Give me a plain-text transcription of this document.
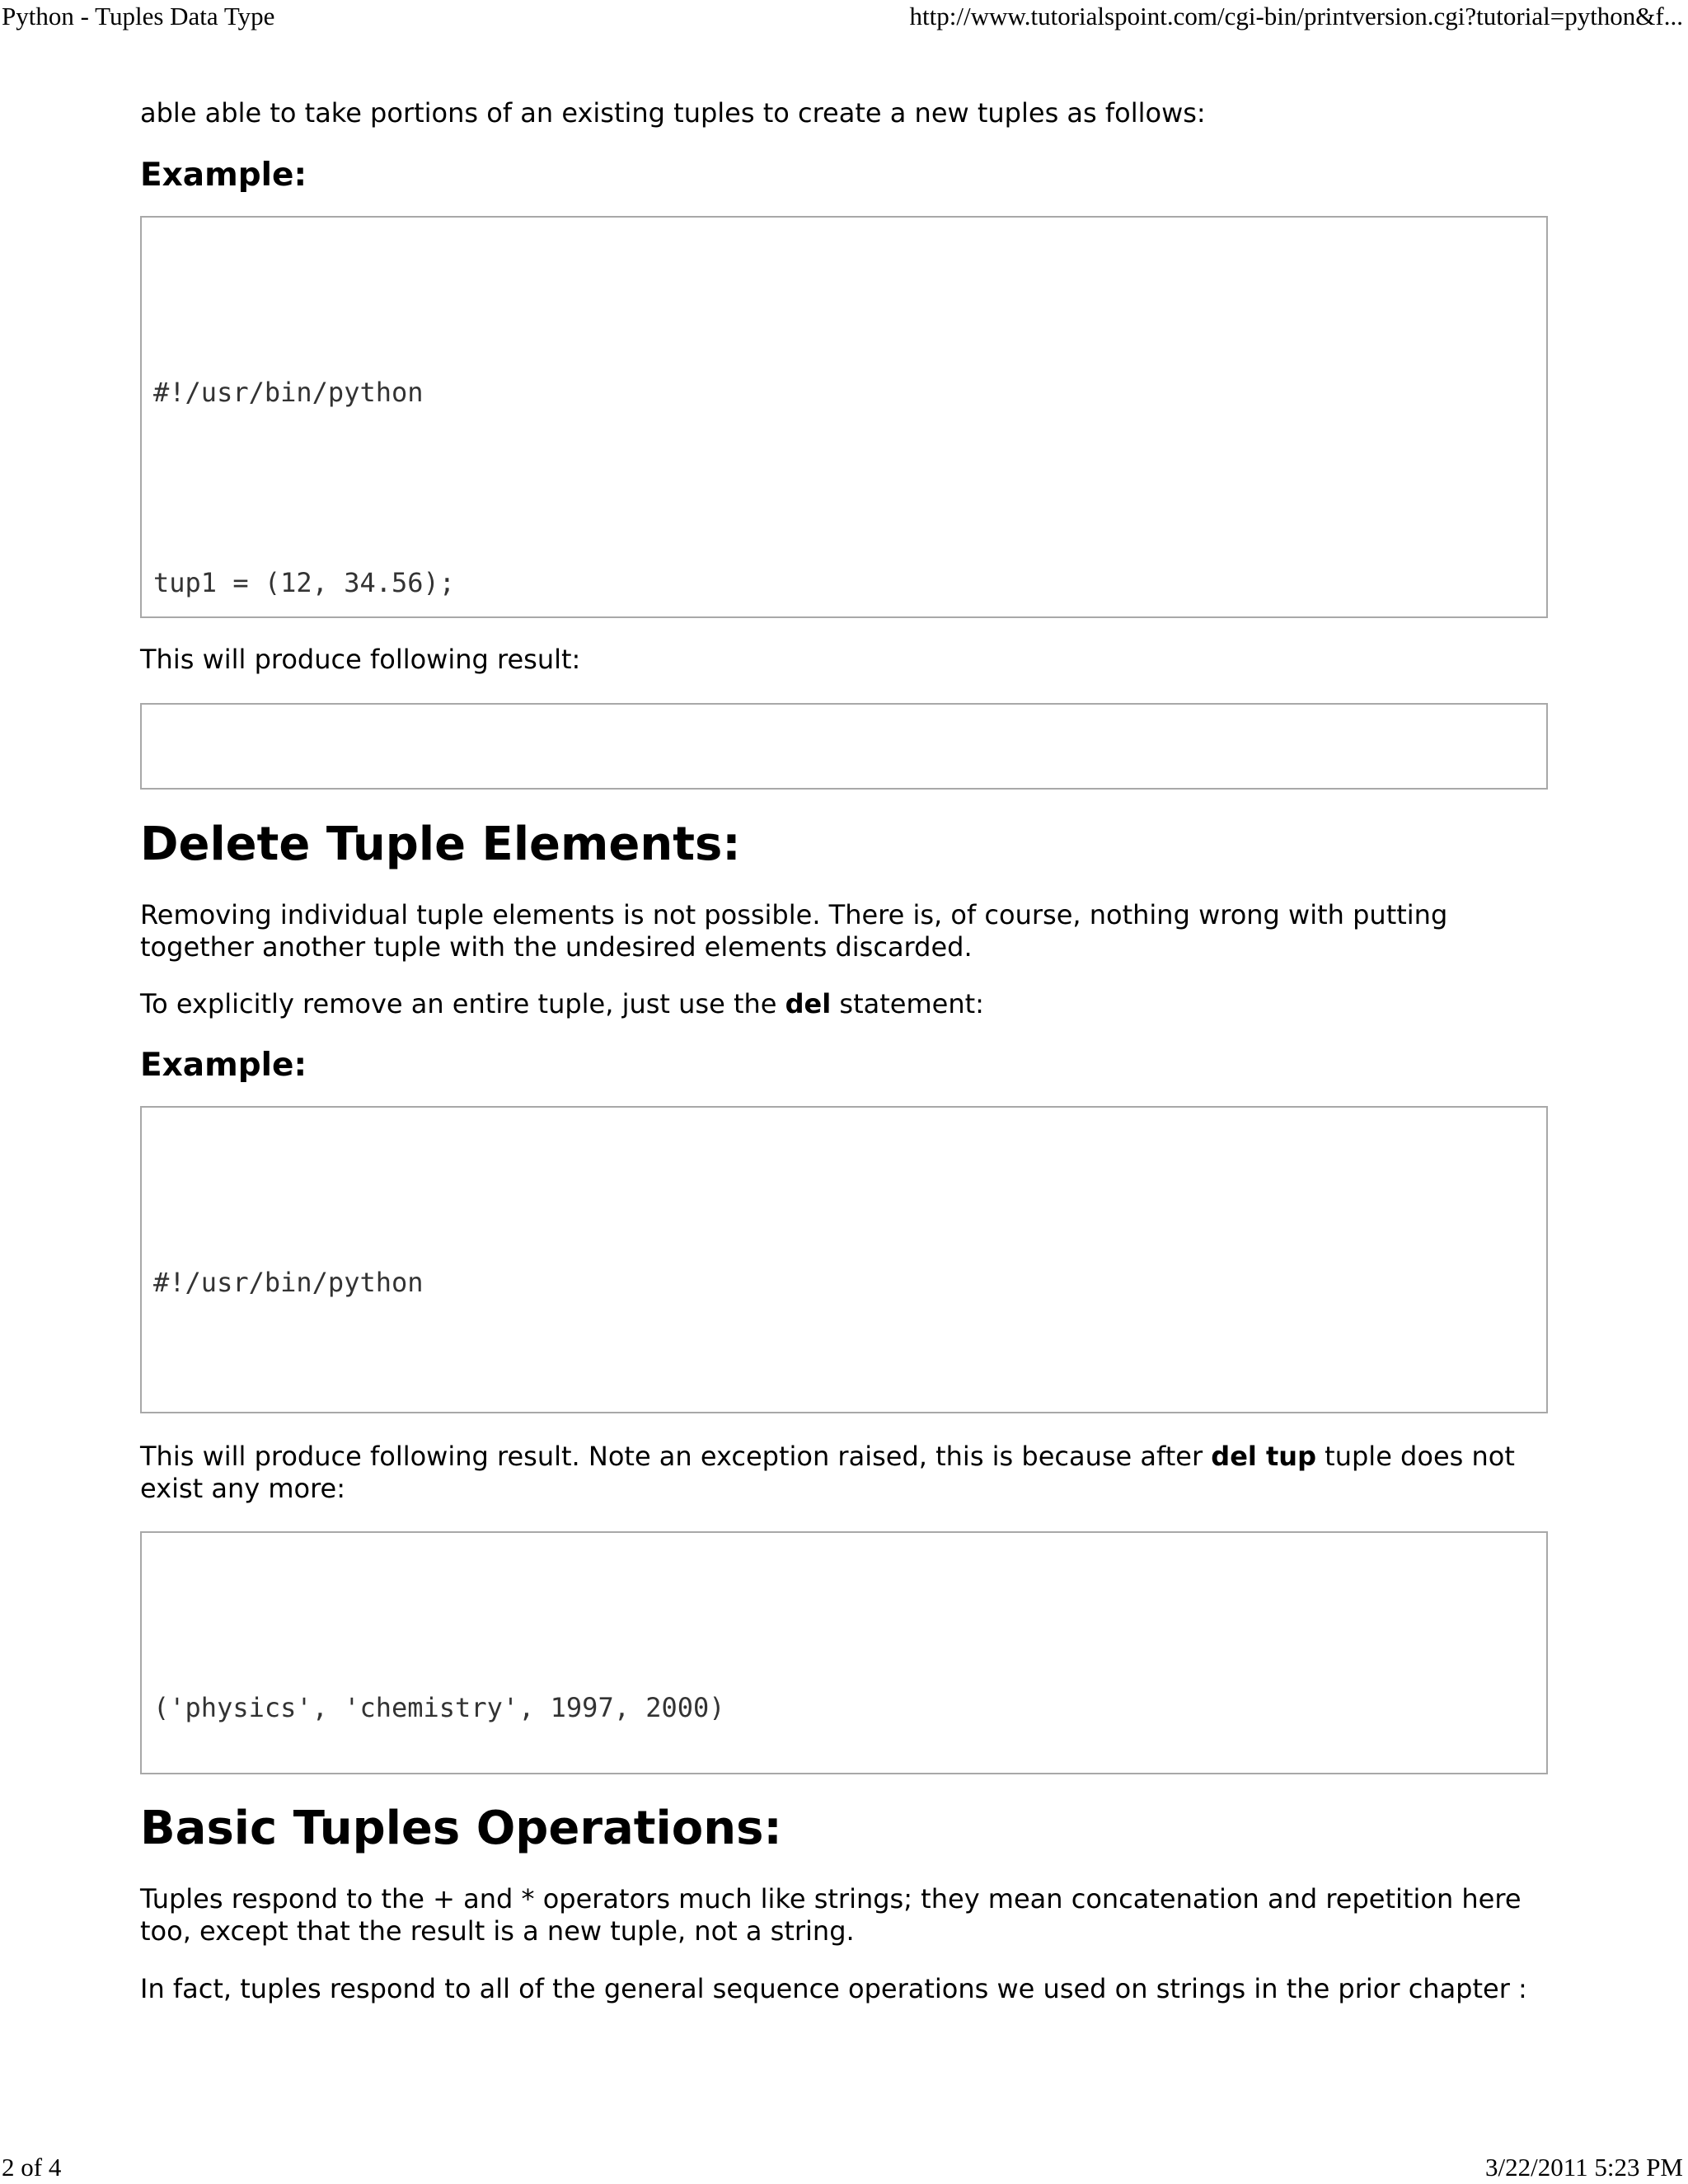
Python - Tuples Data Type	http://www.tutorialspoint.com/cgi-bin/printversion.cgi?tutorial=python&f...

able able to take portions of an existing tuples to create a new tuples as follows:

Example:

#!/usr/bin/python

tup1 = (12, 34.56);

This will produce following result:

Delete Tuple Elements:

Removing individual tuple elements is not possible. There is, of course, nothing wrong with putting together another tuple with the undesired elements discarded.

To explicitly remove an entire tuple, just use the del statement:

Example:

#!/usr/bin/python

This will produce following result. Note an exception raised, this is because after del tup tuple does not exist any more:

('physics', 'chemistry', 1997, 2000)

Basic Tuples Operations:

Tuples respond to the + and * operators much like strings; they mean concatenation and repetition here too, except that the result is a new tuple, not a string.

In fact, tuples respond to all of the general sequence operations we used on strings in the prior chapter :

2 of 4	3/22/2011 5:23 PM
